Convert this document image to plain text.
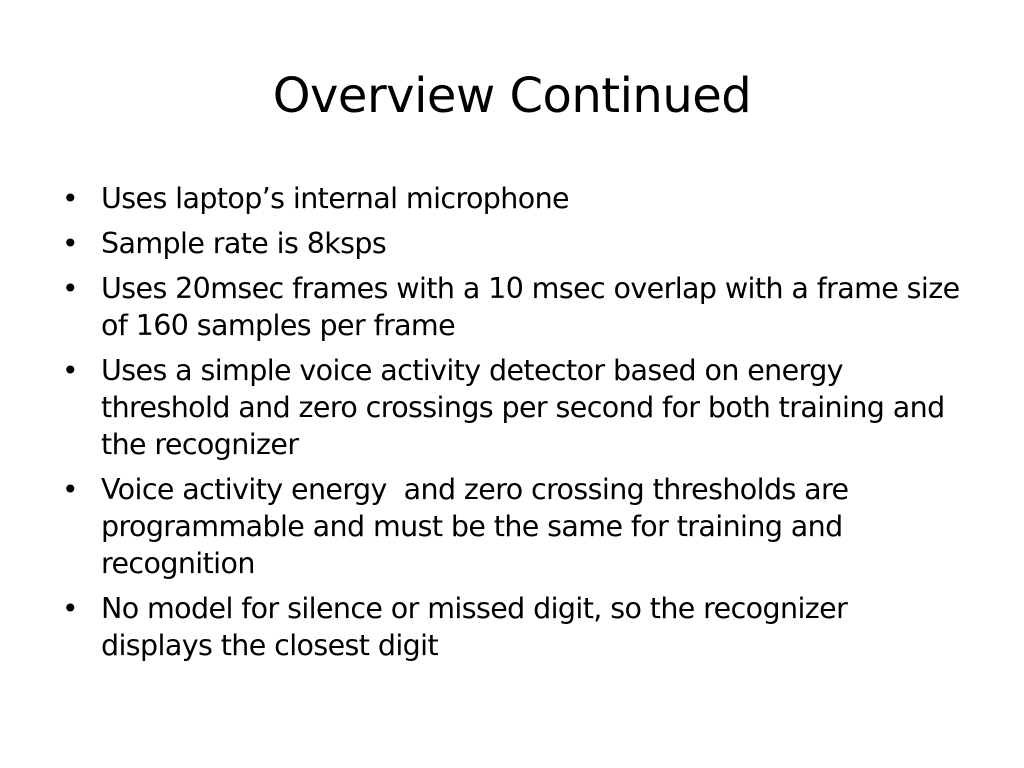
Overview Continued
• Uses laptop’s internal microphone
• Sample rate is 8ksps
• Uses 20msec frames with a 10 msec overlap with a frame size of 160 samples per frame
• Uses a simple voice activity detector based on energy threshold and zero crossings per second for both training and the recognizer
• Voice activity energy  and zero crossing thresholds are programmable and must be the same for training and recognition
• No model for silence or missed digit, so the recognizer displays the closest digit
